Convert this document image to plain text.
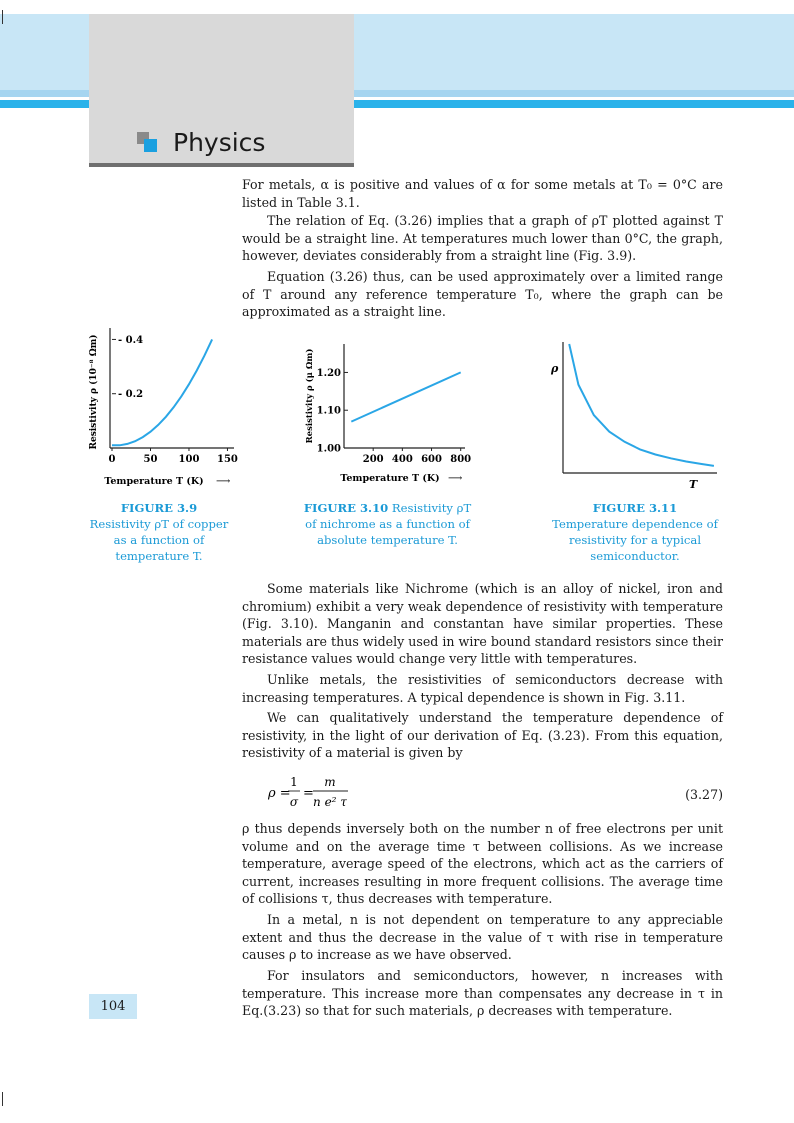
Physics

For metals, α is positive and values of α for some metals at T₀ = 0°C are listed in Table 3.1.

The relation of Eq. (3.26) implies that a graph of ρT plotted against T would be a straight line. At temperatures much lower than 0°C, the graph, however, deviates considerably from a straight line (Fig. 3.9).

Equation (3.26) thus, can be used approximately over a limited range of T around any reference temperature T₀, where the graph can be approximated as a straight line.

Resistivity ρ (10⁻⁸ Ωm)
Temperature T (K) ⟶
0	50 100 150
- 0.2
- 0.4
FIGURE 3.9
Resistivity ρT of copper as a function of temperature T.
Resistivity ρ (μ Ωm)
Temperature T (K) ⟶
200 400 600 800
1.00
1.10
1.20
FIGURE 3.10 Resistivity ρT of nichrome as a function of absolute temperature T.
ρ
T
FIGURE 3.11
Temperature dependence of resistivity for a typical semiconductor.

Some materials like Nichrome (which is an alloy of nickel, iron and chromium) exhibit a very weak dependence of resistivity with temperature (Fig. 3.10). Manganin and constantan have similar properties. These materials are thus widely used in wire bound standard resistors since their resistance values would change very little with temperatures.

Unlike metals, the resistivities of semiconductors decrease with increasing temperatures. A typical dependence is shown in Fig. 3.11.

We can qualitatively understand the temperature dependence of resistivity, in the light of our derivation of Eq. (3.23). From this equation, resistivity of a material is given by

ρ =
1
σ
=
m
n e² τ	(3.27)

ρ thus depends inversely both on the number n of free electrons per unit volume and on the average time τ between collisions. As we increase temperature, average speed of the electrons, which act as the carriers of current, increases resulting in more frequent collisions. The average time of collisions τ, thus decreases with temperature.

In a metal, n is not dependent on temperature to any appreciable extent and thus the decrease in the value of τ with rise in temperature causes ρ to increase as we have observed.

For insulators and semiconductors, however, n increases with temperature. This increase more than compensates any decrease in τ in Eq.(3.23) so that for such materials, ρ decreases with temperature.

104
